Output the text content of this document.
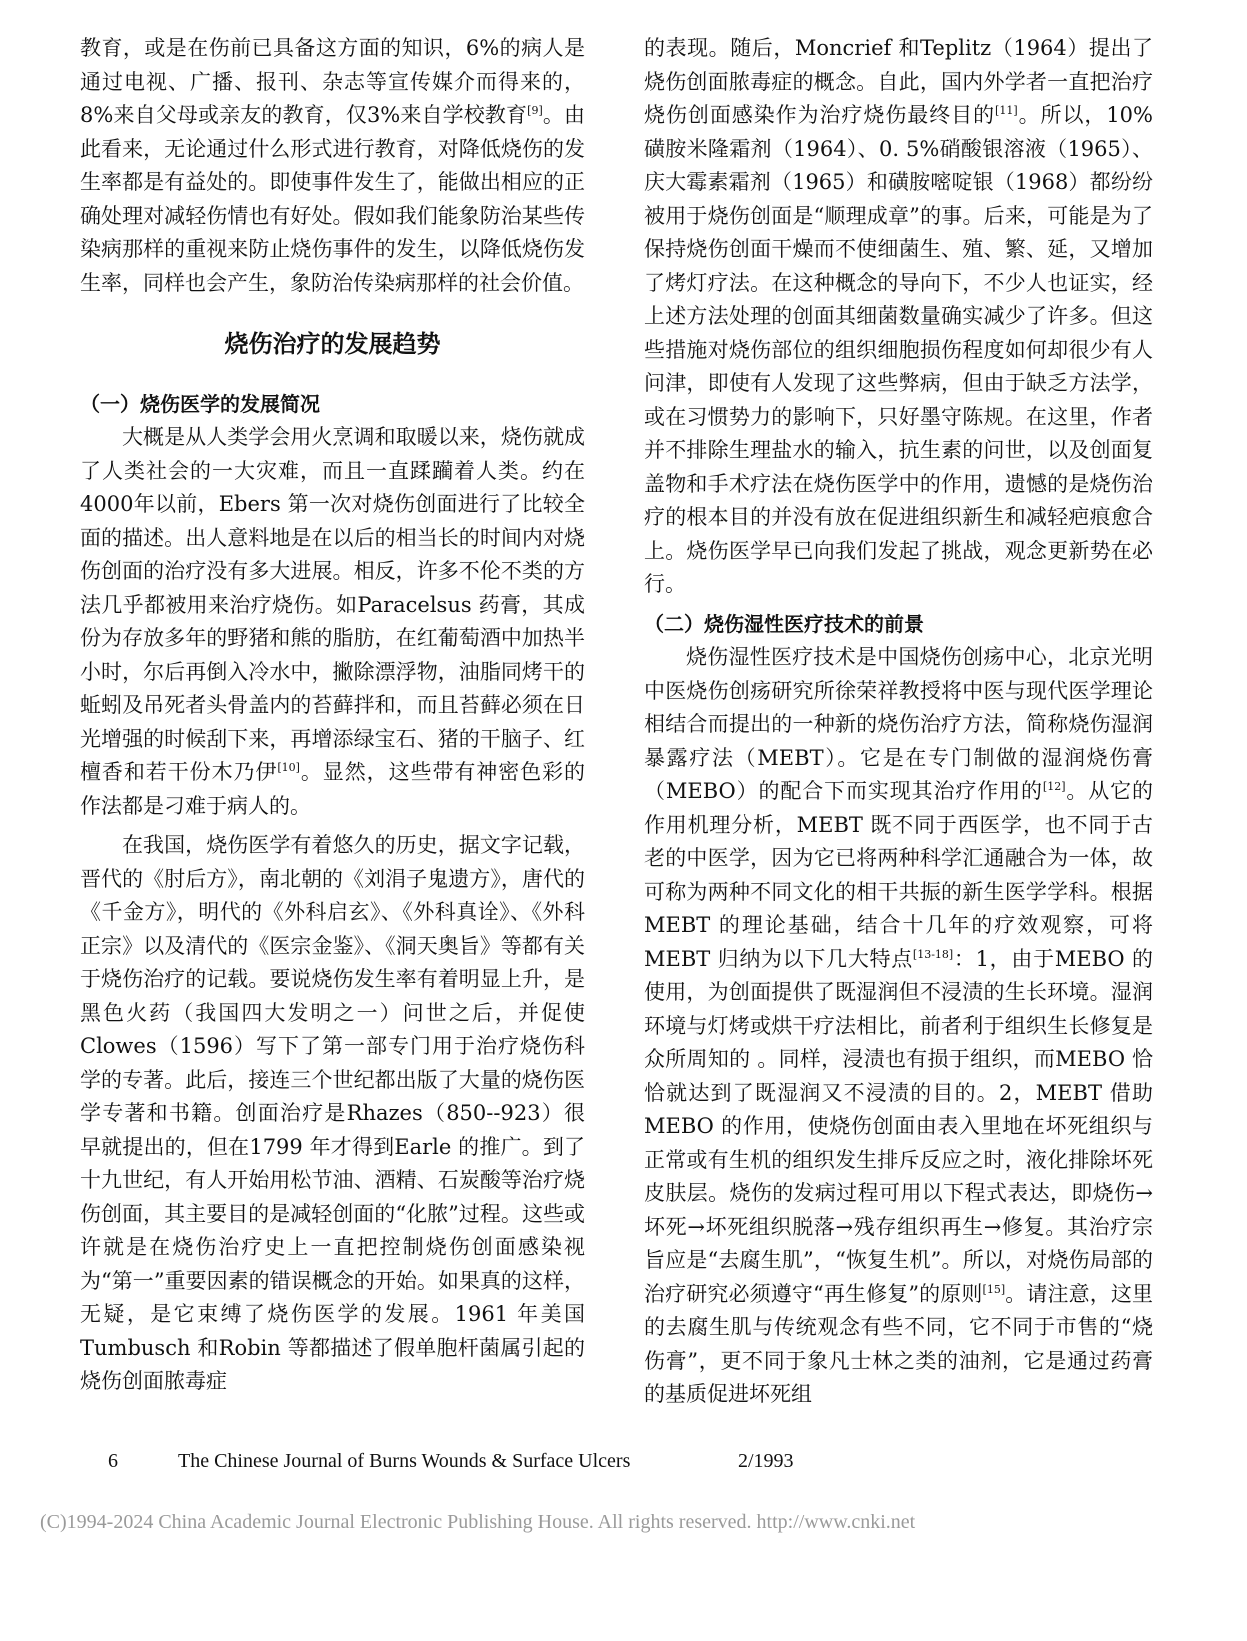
教育，或是在伤前已具备这方面的知识，6%的病人是通过电视、广播、报刊、杂志等宣传媒介而得来的，8%来自父母或亲友的教育，仅3%来自学校教育[9]。由此看来，无论通过什么形式进行教育，对降低烧伤的发生率都是有益处的。即使事件发生了，能做出相应的正确处理对减轻伤情也有好处。假如我们能象防治某些传染病那样的重视来防止烧伤事件的发生，以降低烧伤发生率，同样也会产生，象防治传染病那样的社会价值。

烧伤治疗的发展趋势

（一）烧伤医学的发展简况

大概是从人类学会用火烹调和取暖以来，烧伤就成了人类社会的一大灾难，而且一直蹂躏着人类。约在4000年以前，Ebers 第一次对烧伤创面进行了比较全面的描述。出人意料地是在以后的相当长的时间内对烧伤创面的治疗没有多大进展。相反，许多不伦不类的方法几乎都被用来治疗烧伤。如Paracelsus 药膏，其成份为存放多年的野猪和熊的脂肪，在红葡萄酒中加热半小时，尔后再倒入冷水中，撇除漂浮物，油脂同烤干的蚯蚓及吊死者头骨盖内的苔藓拌和，而且苔藓必须在日光增强的时候刮下来，再增添绿宝石、猪的干脑子、红檀香和若干份木乃伊[10]。显然，这些带有神密色彩的作法都是刁难于病人的。

在我国，烧伤医学有着悠久的历史，据文字记载，晋代的《肘后方》，南北朝的《刘涓子鬼遗方》，唐代的《千金方》，明代的《外科启玄》、《外科真诠》、《外科正宗》以及清代的《医宗金鉴》、《洞天奥旨》等都有关于烧伤治疗的记载。要说烧伤发生率有着明显上升，是黑色火药（我国四大发明之一）问世之后，并促使Clowes（1596）写下了第一部专门用于治疗烧伤科学的专著。此后，接连三个世纪都出版了大量的烧伤医学专著和书籍。创面治疗是Rhazes（850--923）很早就提出的，但在1799 年才得到Earle 的推广。到了十九世纪，有人开始用松节油、酒精、石炭酸等治疗烧伤创面，其主要目的是减轻创面的“化脓”过程。这些或许就是在烧伤治疗史上一直把控制烧伤创面感染视为“第一”重要因素的错误概念的开始。如果真的这样，无疑，是它束缚了烧伤医学的发展。1961 年美国Tumbusch 和Robin 等都描述了假单胞杆菌属引起的烧伤创面脓毒症

的表现。随后，Moncrief 和Teplitz（1964）提出了烧伤创面脓毒症的概念。自此，国内外学者一直把治疗烧伤创面感染作为治疗烧伤最终目的[11]。所以，10%磺胺米隆霜剂（1964）、0. 5%硝酸银溶液（1965）、庆大霉素霜剂（1965）和磺胺嘧啶银（1968）都纷纷被用于烧伤创面是“顺理成章”的事。后来，可能是为了保持烧伤创面干燥而不使细菌生、殖、繁、延，又增加了烤灯疗法。在这种概念的导向下，不少人也证实，经上述方法处理的创面其细菌数量确实减少了许多。但这些措施对烧伤部位的组织细胞损伤程度如何却很少有人问津，即使有人发现了这些弊病，但由于缺乏方法学，或在习惯势力的影响下，只好墨守陈规。在这里，作者并不排除生理盐水的输入，抗生素的问世，以及创面复盖物和手术疗法在烧伤医学中的作用，遗憾的是烧伤治疗的根本目的并没有放在促进组织新生和减轻疤痕愈合上。烧伤医学早已向我们发起了挑战，观念更新势在必行。

（二）烧伤湿性医疗技术的前景

烧伤湿性医疗技术是中国烧伤创疡中心，北京光明中医烧伤创疡研究所徐荣祥教授将中医与现代医学理论相结合而提出的一种新的烧伤治疗方法，简称烧伤湿润暴露疗法（MEBT）。它是在专门制做的湿润烧伤膏（MEBO）的配合下而实现其治疗作用的[12]。从它的作用机理分析，MEBT 既不同于西医学，也不同于古老的中医学，因为它已将两种科学汇通融合为一体，故可称为两种不同文化的相干共振的新生医学学科。根据MEBT 的理论基础，结合十几年的疗效观察，可将MEBT 归纳为以下几大特点[13-18]：1，由于MEBO 的使用，为创面提供了既湿润但不浸渍的生长环境。湿润环境与灯烤或烘干疗法相比，前者利于组织生长修复是众所周知的 。同样，浸渍也有损于组织，而MEBO 恰恰就达到了既湿润又不浸渍的目的。2，MEBT 借助MEBO 的作用，使烧伤创面由表入里地在坏死组织与正常或有生机的组织发生排斥反应之时，液化排除坏死皮肤层。烧伤的发病过程可用以下程式表达，即烧伤→坏死→坏死组织脱落→残存组织再生→修复。其治疗宗旨应是“去腐生肌”，“恢复生机”。所以，对烧伤局部的治疗研究必须遵守“再生修复”的原则[15]。请注意，这里的去腐生肌与传统观念有些不同，它不同于市售的“烧伤膏”，更不同于象凡士林之类的油剂，它是通过药膏的基质促进坏死组

6	The Chinese Journal of Burns Wounds & Surface Ulcers	2/1993
(C)1994-2024 China Academic Journal Electronic Publishing House. All rights reserved. http://www.cnki.net
